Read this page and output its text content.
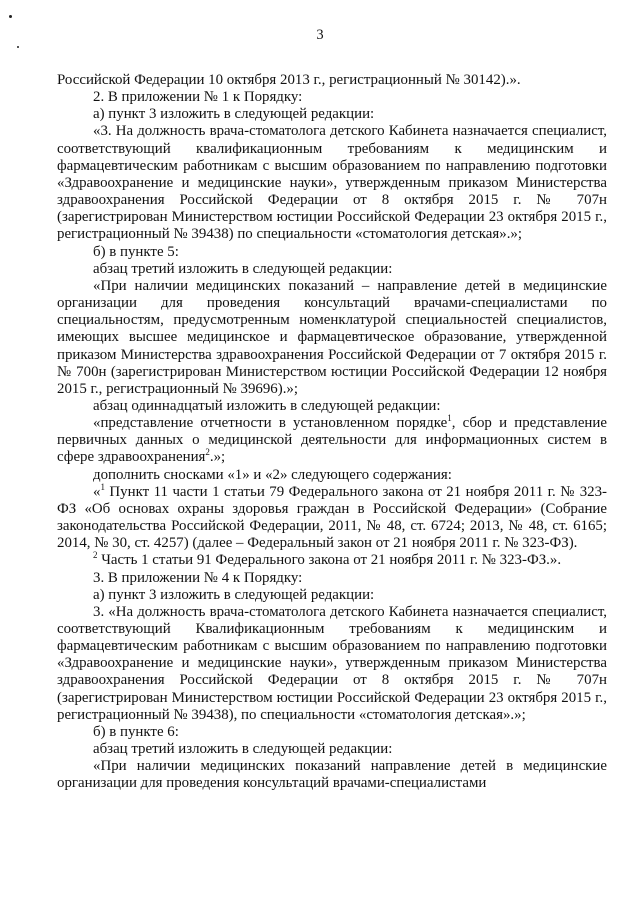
3

Российской Федерации 10 октября 2013 г., регистрационный № 30142).».

2. В приложении № 1 к Порядку:

а) пункт 3 изложить в следующей редакции:

«3. На должность врача-стоматолога детского Кабинета назначается специалист, соответствующий квалификационным требованиям к медицинским и фармацевтическим работникам с высшим образованием по направлению подготовки «Здравоохранение и медицинские науки», утвержденным приказом Министерства здравоохранения Российской Федерации от 8 октября 2015 г. № 707н (зарегистрирован Министерством юстиции Российской Федерации 23 октября 2015 г., регистрационный № 39438) по специальности «стоматология детская».»;

б) в пункте 5:

абзац третий изложить в следующей редакции:

«При наличии медицинских показаний – направление детей в медицинские организации для проведения консультаций врачами-специалистами по специальностям, предусмотренным номенклатурой специальностей специалистов, имеющих высшее медицинское и фармацевтическое образование, утвержденной приказом Министерства здравоохранения Российской Федерации от 7 октября 2015 г. № 700н (зарегистрирован Министерством юстиции Российской Федерации 12 ноября 2015 г., регистрационный № 39696).»;

абзац одиннадцатый изложить в следующей редакции:

«представление отчетности в установленном порядке$^1$, сбор и представление первичных данных о медицинской деятельности для информационных систем в сфере здравоохранения$^2$.»;

дополнить сносками «1» и «2» следующего содержания:

«$^1$ Пункт 11 части 1 статьи 79 Федерального закона от 21 ноября 2011 г. № 323-ФЗ «Об основах охраны здоровья граждан в Российской Федерации» (Собрание законодательства Российской Федерации, 2011, № 48, ст. 6724; 2013, № 48, ст. 6165; 2014, № 30, ст. 4257) (далее – Федеральный закон от 21 ноября 2011 г. № 323-ФЗ).

$^2$ Часть 1 статьи 91 Федерального закона от 21 ноября 2011 г. № 323-ФЗ.».

3. В приложении № 4 к Порядку:

а) пункт 3 изложить в следующей редакции:

3. «На должность врача-стоматолога детского Кабинета назначается специалист, соответствующий Квалификационным требованиям к медицинским и фармацевтическим работникам с высшим образованием по направлению подготовки «Здравоохранение и медицинские науки», утвержденным приказом Министерства здравоохранения Российской Федерации от 8 октября 2015 г. № 707н (зарегистрирован Министерством юстиции Российской Федерации 23 октября 2015 г., регистрационный № 39438), по специальности «стоматология детская».»;

б) в пункте 6:

абзац третий изложить в следующей редакции:

«При наличии медицинских показаний направление детей в медицинские организации для проведения консультаций врачами-специалистами
